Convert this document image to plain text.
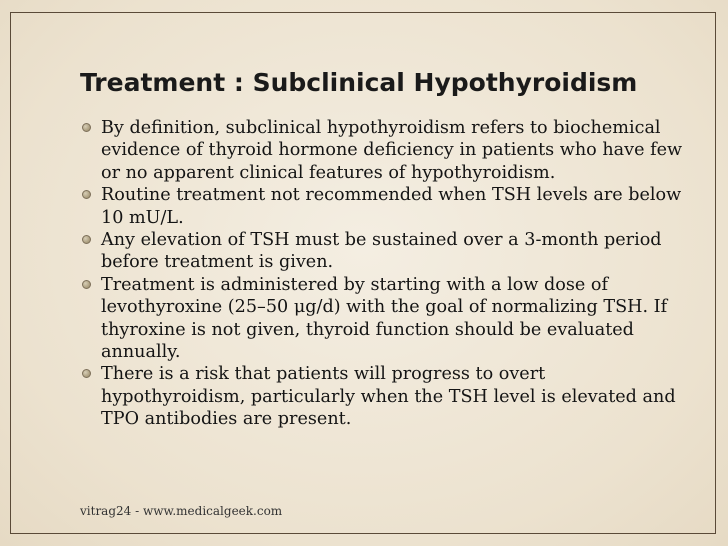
Treatment : Subclinical Hypothyroidism
By definition, subclinical hypothyroidism refers to biochemical evidence of thyroid hormone deficiency in patients who have few or no apparent clinical features of hypothyroidism.
Routine treatment not recommended when TSH levels are below 10 mU/L.
Any elevation of TSH must be sustained over a 3-month period before treatment is given.
Treatment is administered by starting with a low dose of levothyroxine (25–50 μg/d) with the goal of normalizing TSH. If thyroxine is not given, thyroid function should be evaluated annually.
There is a risk that patients will progress to overt hypothyroidism, particularly when the TSH level is elevated and TPO antibodies are present.
vitrag24 - www.medicalgeek.com
